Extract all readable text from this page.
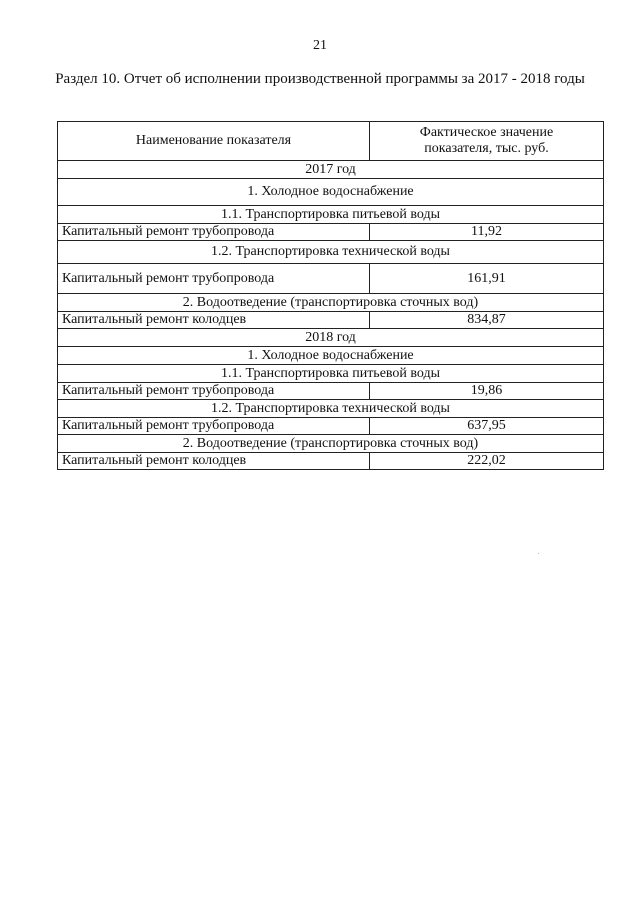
21
Раздел 10. Отчет об исполнении производственной программы за 2017 - 2018 годы
Наименование показателя	Фактическое значение
показателя, тыс. руб.
2017 год	
1. Холодное водоснабжение	
1.1. Транспортировка питьевой воды	
Капитальный ремонт трубопровода	11,92
1.2. Транспортировка технической воды	
Капитальный ремонт трубопровода	161,91
2. Водоотведение (транспортировка сточных вод)	
Капитальный ремонт колодцев	834,87
2018 год	
1. Холодное водоснабжение	
1.1. Транспортировка питьевой воды	
Капитальный ремонт трубопровода	19,86
1.2. Транспортировка технической воды	
Капитальный ремонт трубопровода	637,95
2. Водоотведение (транспортировка сточных вод)	
Капитальный ремонт колодцев	222,02
